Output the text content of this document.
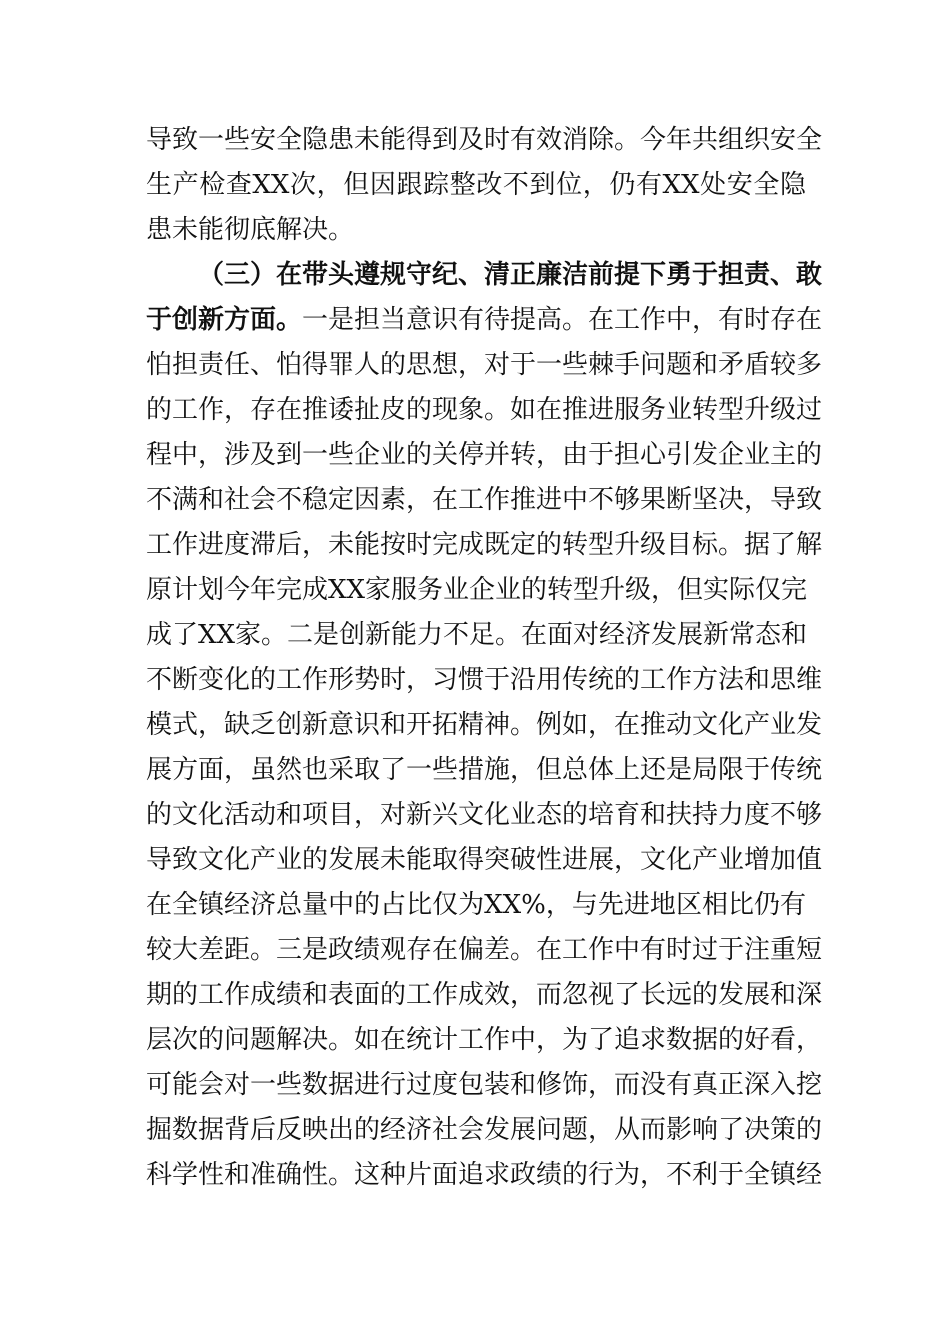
导致一些安全隐患未能得到及时有效消除。今年共组织安全
生产检查XX次，但因跟踪整改不到位，仍有XX处安全隐
患未能彻底解决。
（三）在带头遵规守纪、清正廉洁前提下勇于担责、敢
于创新方面。一是担当意识有待提高。在工作中，有时存在
怕担责任、怕得罪人的思想，对于一些棘手问题和矛盾较多
的工作，存在推诿扯皮的现象。如在推进服务业转型升级过
程中，涉及到一些企业的关停并转，由于担心引发企业主的
不满和社会不稳定因素，在工作推进中不够果断坚决，导致
工作进度滞后，未能按时完成既定的转型升级目标。据了解
原计划今年完成XX家服务业企业的转型升级，但实际仅完
成了XX家。二是创新能力不足。在面对经济发展新常态和
不断变化的工作形势时，习惯于沿用传统的工作方法和思维
模式，缺乏创新意识和开拓精神。例如，在推动文化产业发
展方面，虽然也采取了一些措施，但总体上还是局限于传统
的文化活动和项目，对新兴文化业态的培育和扶持力度不够
导致文化产业的发展未能取得突破性进展，文化产业增加值
在全镇经济总量中的占比仅为XX%，与先进地区相比仍有
较大差距。三是政绩观存在偏差。在工作中有时过于注重短
期的工作成绩和表面的工作成效，而忽视了长远的发展和深
层次的问题解决。如在统计工作中，为了追求数据的好看，
可能会对一些数据进行过度包装和修饰，而没有真正深入挖
掘数据背后反映出的经济社会发展问题，从而影响了决策的
科学性和准确性。这种片面追求政绩的行为，不利于全镇经
